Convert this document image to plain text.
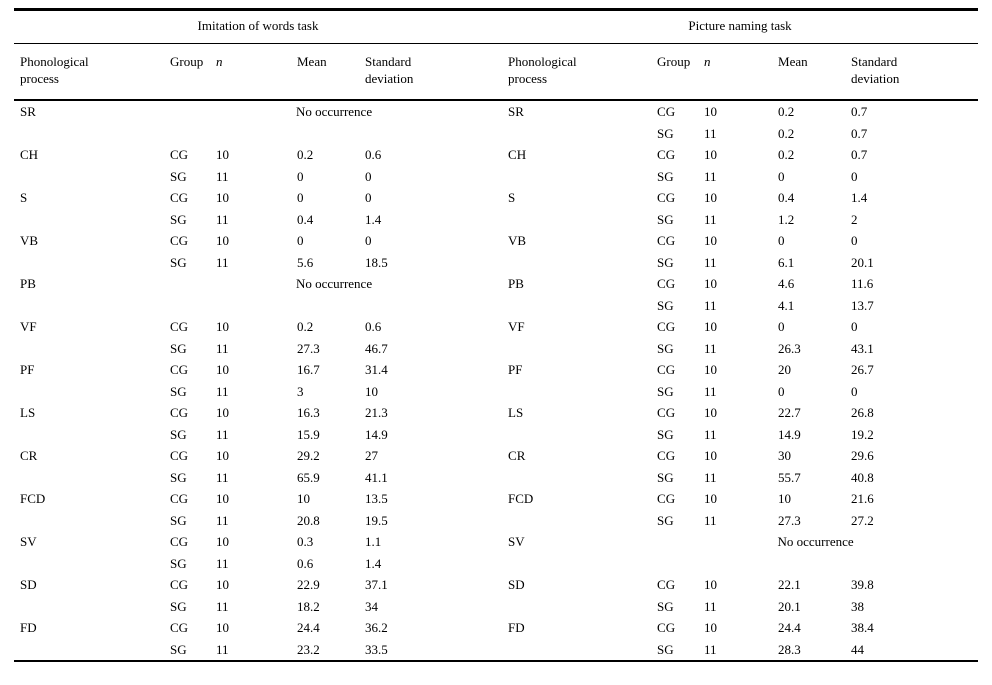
Imitation of words task					Picture naming task				
Phonological process	Group	n	Mean	Standard deviation	Phonological process	Group	n	Mean	Standard deviation
SR	No occurrence				SR	CG	10	0.2	0.7
						SG	11	0.2	0.7
CH	CG	10	0.2	0.6	CH	CG	10	0.2	0.7
	SG	11	0	0		SG	11	0	0
S	CG	10	0	0	S	CG	10	0.4	1.4
	SG	11	0.4	1.4		SG	11	1.2	2
VB	CG	10	0	0	VB	CG	10	0	0
	SG	11	5.6	18.5		SG	11	6.1	20.1
PB	No occurrence				PB	CG	10	4.6	11.6
						SG	11	4.1	13.7
VF	CG	10	0.2	0.6	VF	CG	10	0	0
	SG	11	27.3	46.7		SG	11	26.3	43.1
PF	CG	10	16.7	31.4	PF	CG	10	20	26.7
	SG	11	3	10		SG	11	0	0
LS	CG	10	16.3	21.3	LS	CG	10	22.7	26.8
	SG	11	15.9	14.9		SG	11	14.9	19.2
CR	CG	10	29.2	27	CR	CG	10	30	29.6
	SG	11	65.9	41.1		SG	11	55.7	40.8
FCD	CG	10	10	13.5	FCD	CG	10	10	21.6
	SG	11	20.8	19.5		SG	11	27.3	27.2
SV	CG	10	0.3	1.1	SV	No occurrence			
	SG	11	0.6	1.4					
SD	CG	10	22.9	37.1	SD	CG	10	22.1	39.8
	SG	11	18.2	34		SG	11	20.1	38
FD	CG	10	24.4	36.2	FD	CG	10	24.4	38.4
	SG	11	23.2	33.5		SG	11	28.3	44
